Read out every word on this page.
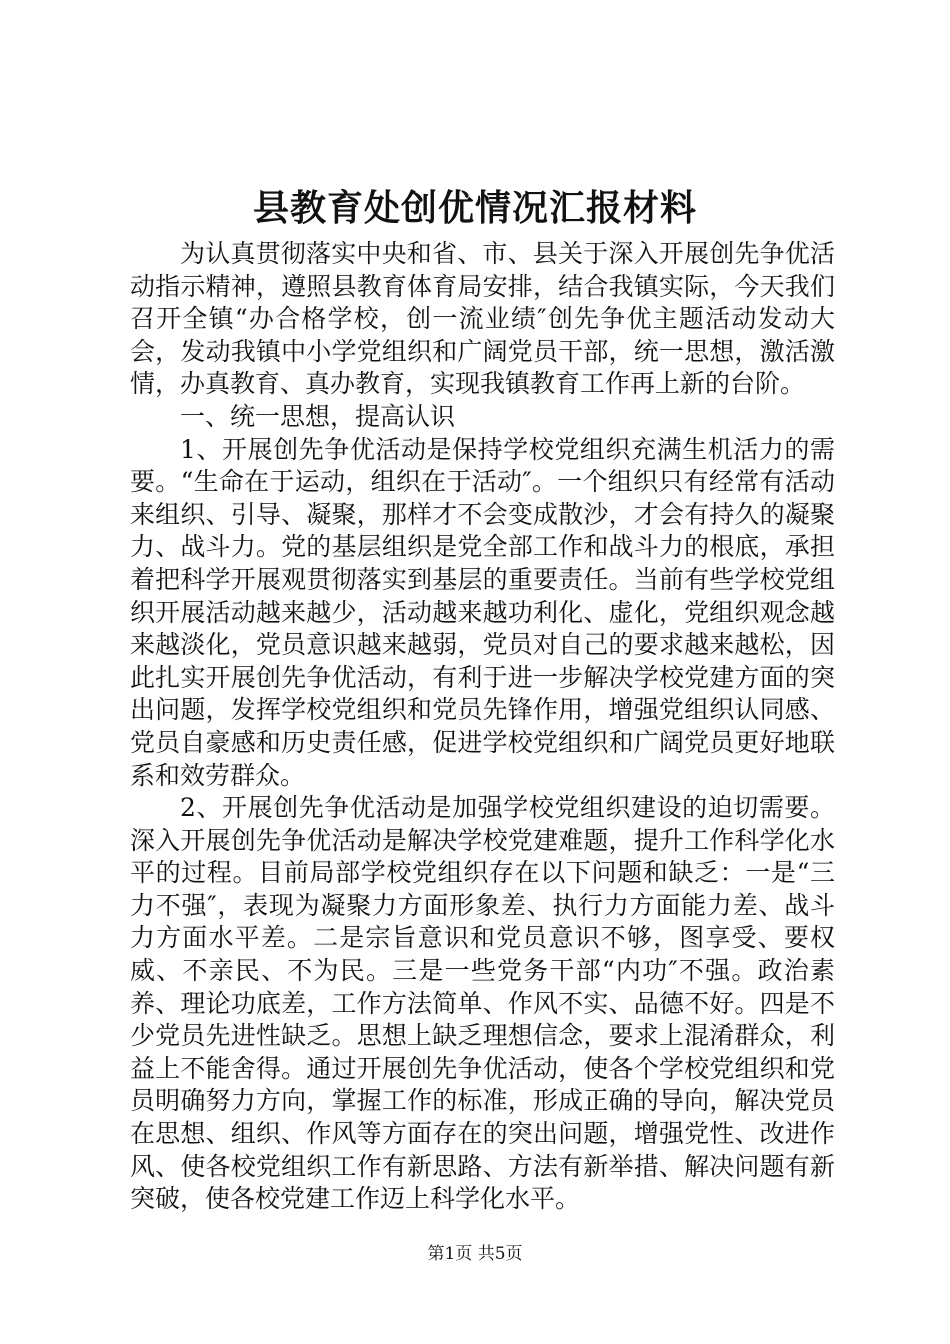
县教育处创优情况汇报材料

为认真贯彻落实中央和省、市、县关于深入开展创先争优活动指示精神，遵照县教育体育局安排，结合我镇实际，今天我们召开全镇“办合格学校，创一流业绩″创先争优主题活动发动大会，发动我镇中小学党组织和广阔党员干部，统一思想，激活激情，办真教育、真办教育，实现我镇教育工作再上新的台阶。

一、统一思想，提高认识

1、开展创先争优活动是保持学校党组织充满生机活力的需要。“生命在于运动，组织在于活动″。一个组织只有经常有活动来组织、引导、凝聚，那样才不会变成散沙，才会有持久的凝聚力、战斗力。党的基层组织是党全部工作和战斗力的根底，承担着把科学开展观贯彻落实到基层的重要责任。当前有些学校党组织开展活动越来越少，活动越来越功利化、虚化，党组织观念越来越淡化，党员意识越来越弱，党员对自己的要求越来越松，因此扎实开展创先争优活动，有利于进一步解决学校党建方面的突出问题，发挥学校党组织和党员先锋作用，增强党组织认同感、党员自豪感和历史责任感，促进学校党组织和广阔党员更好地联系和效劳群众。

2、开展创先争优活动是加强学校党组织建设的迫切需要。深入开展创先争优活动是解决学校党建难题，提升工作科学化水平的过程。目前局部学校党组织存在以下问题和缺乏：一是“三力不强″，表现为凝聚力方面形象差、执行力方面能力差、战斗力方面水平差。二是宗旨意识和党员意识不够，图享受、要权威、不亲民、不为民。三是一些党务干部“内功″不强。政治素养、理论功底差，工作方法简单、作风不实、品德不好。四是不少党员先进性缺乏。思想上缺乏理想信念，要求上混淆群众，利益上不能舍得。通过开展创先争优活动，使各个学校党组织和党员明确努力方向，掌握工作的标准，形成正确的导向，解决党员在思想、组织、作风等方面存在的突出问题，增强党性、改进作风、使各校党组织工作有新思路、方法有新举措、解决问题有新突破，使各校党建工作迈上科学化水平。

第1页 共5页
